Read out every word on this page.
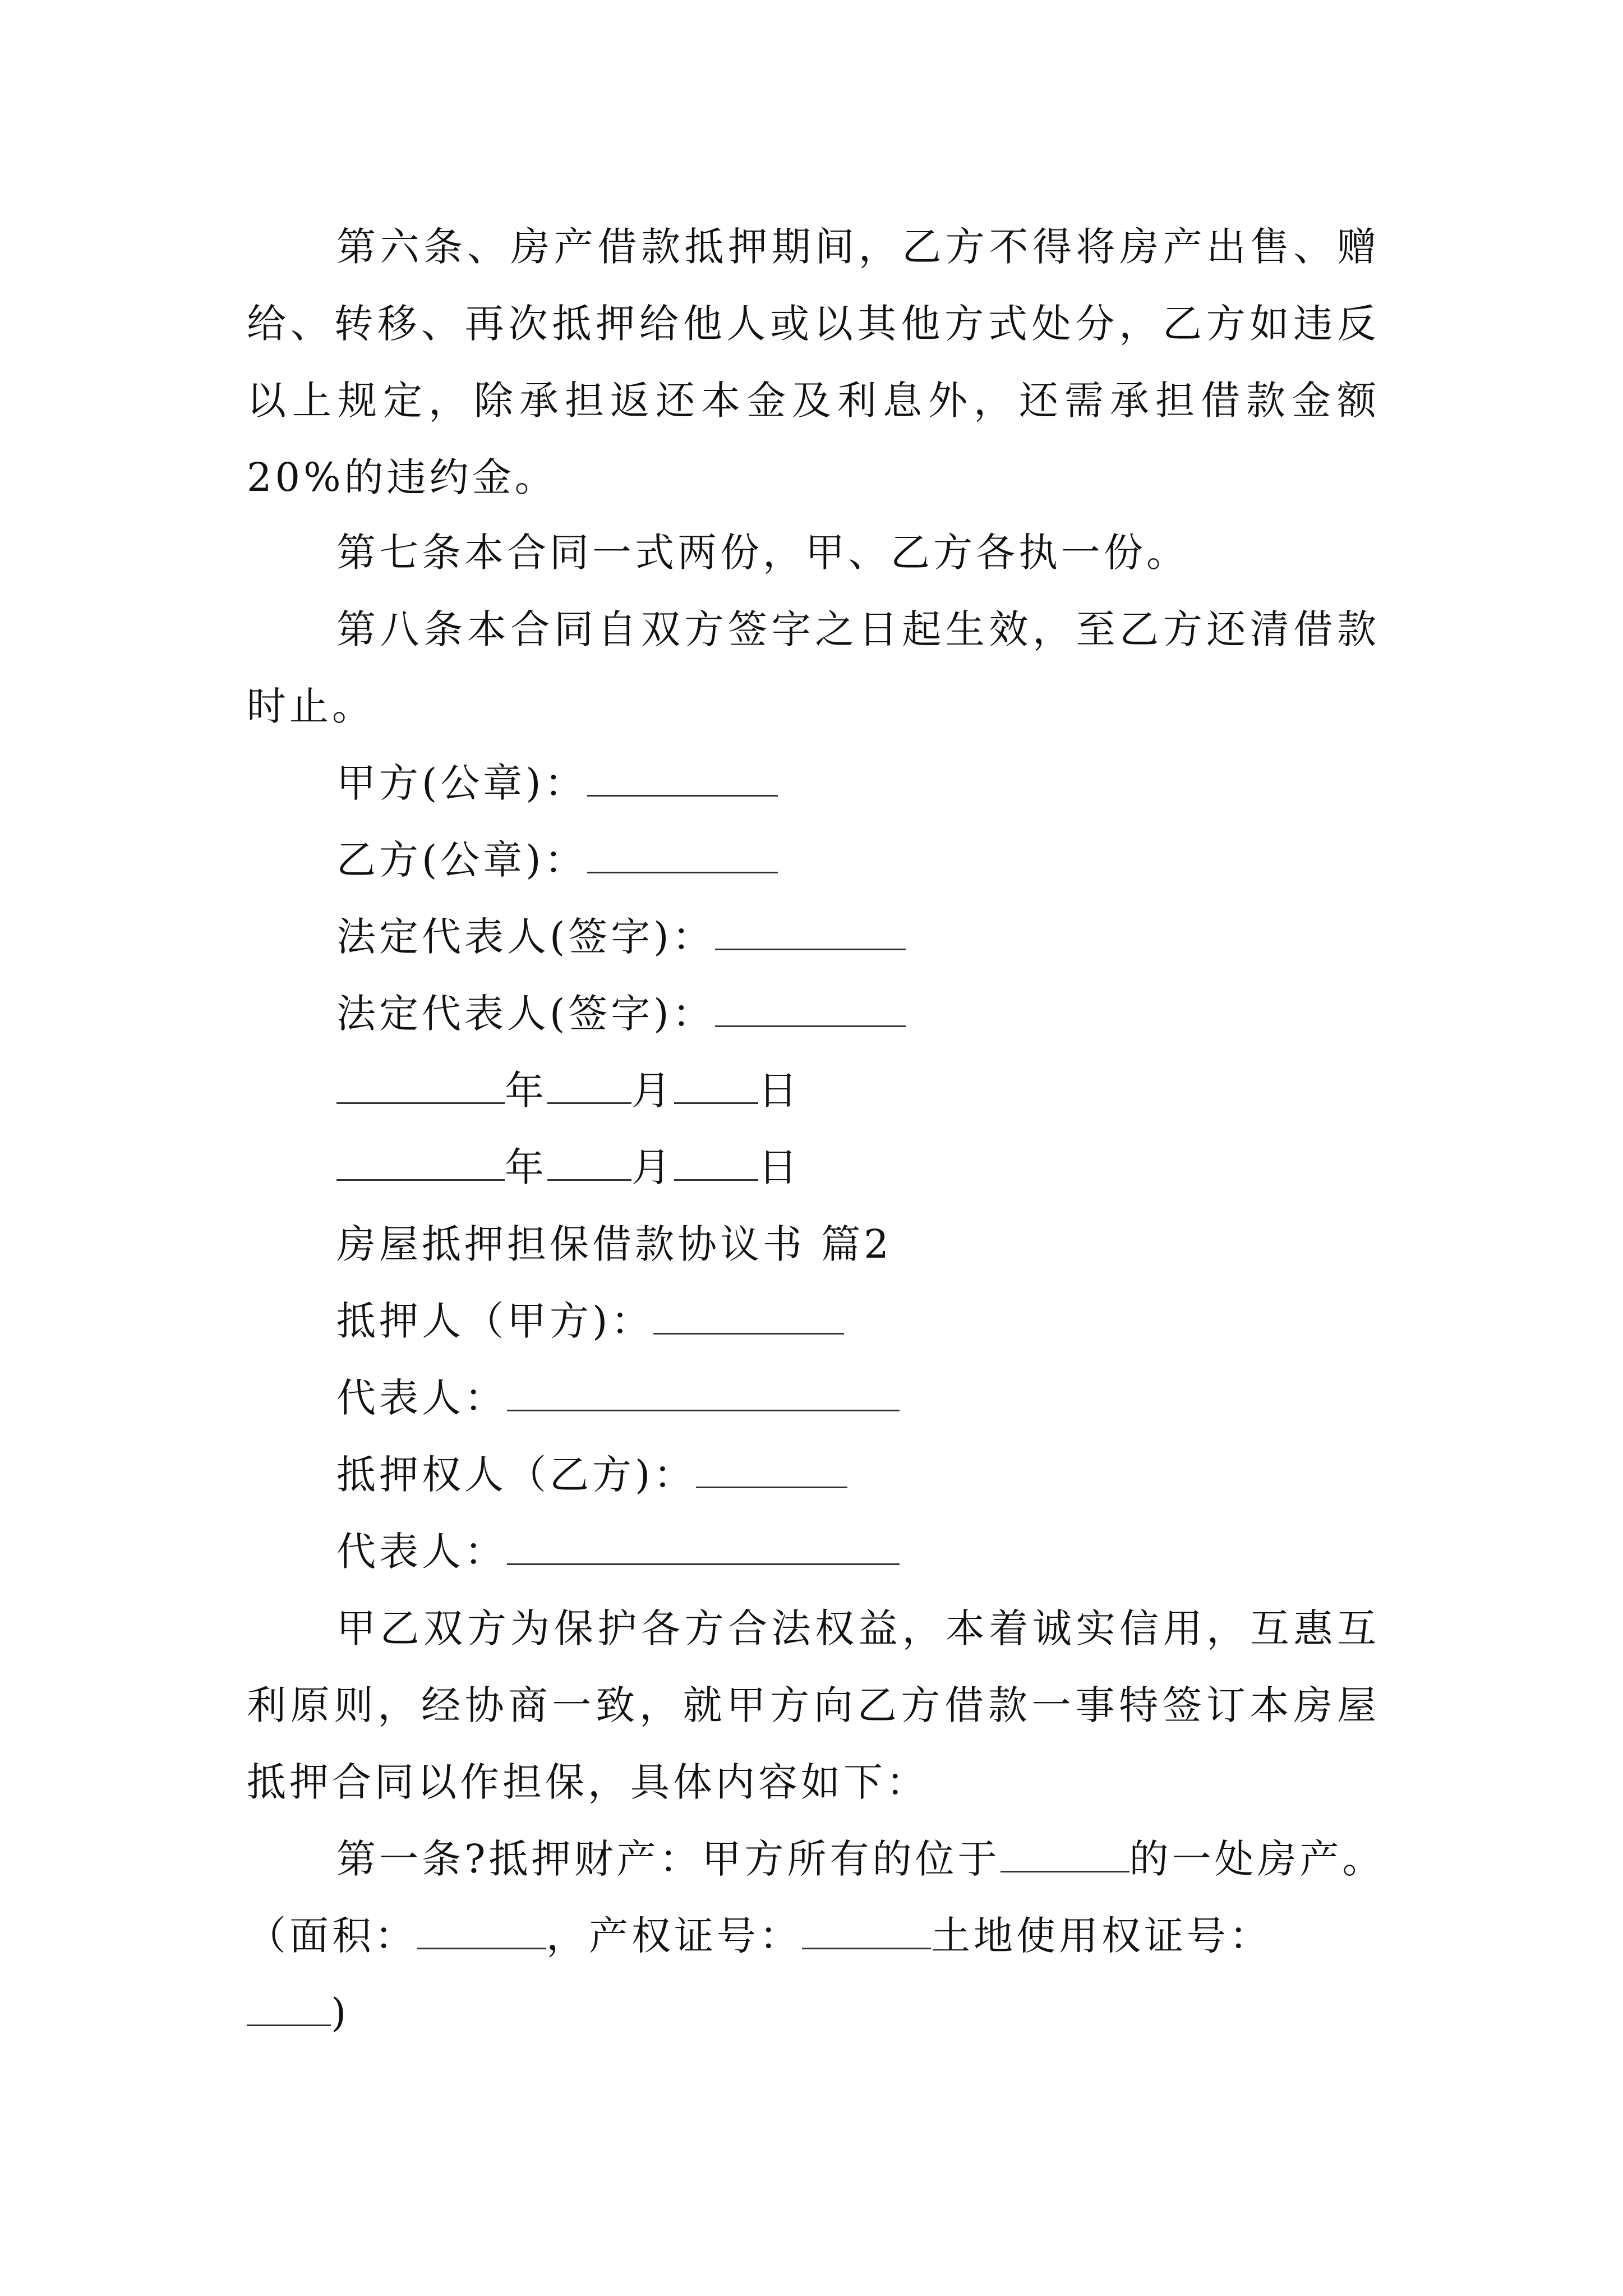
第六条、房产借款抵押期间，乙方不得将房产出售、赠给、转移、再次抵押给他人或以其他方式处分，乙方如违反以上规定，除承担返还本金及利息外，还需承担借款金额20%的违约金。

第七条本合同一式两份，甲、乙方各执一份。

第八条本合同自双方签字之日起生效，至乙方还清借款时止。

甲方(公章)：

乙方(公章)：

法定代表人(签字)：

法定代表人(签字)：

年 月 日

年 月 日

房屋抵押担保借款协议书 篇2

抵押人（甲方)：

代表人：

抵押权人（乙方)：

代表人：

甲乙双方为保护各方合法权益，本着诚实信用，互惠互利原则，经协商一致，就甲方向乙方借款一事特签订本房屋抵押合同以作担保，具体内容如下：

第一条?抵押财产：甲方所有的位于	的一处房产。

（面积：	，产权证号：	土地使用权证号：

)
